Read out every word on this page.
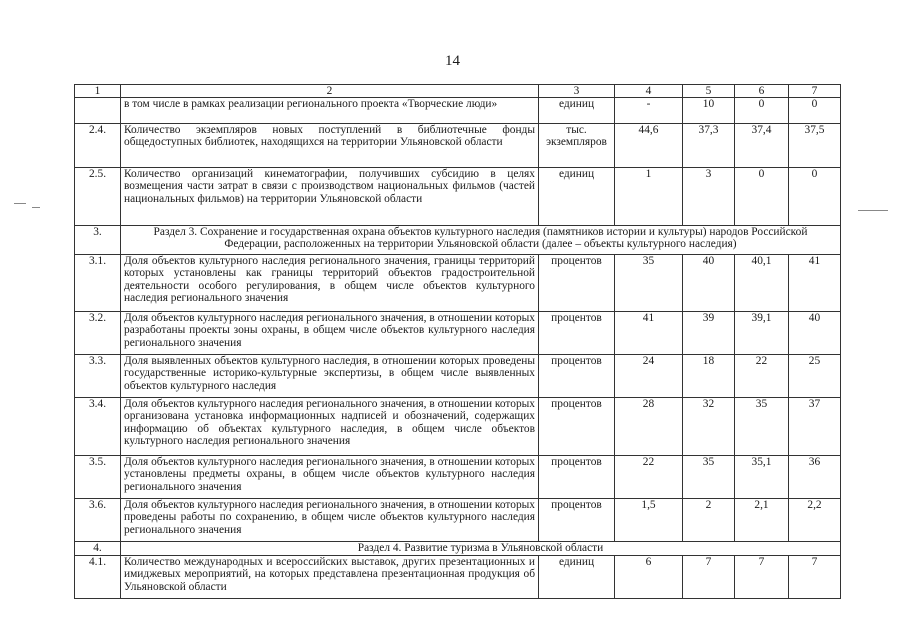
14
1	2	3	4	5	6	7
	в том числе в рамках реализации регионального проекта «Творческие люди»	единиц	-	10	0	0
2.4.	Количество экземпляров новых поступлений в библиотечные фонды общедоступных библиотек, находящихся на территории Ульяновской области	тыс. экземпляров	44,6	37,3	37,4	37,5
2.5.	Количество организаций кинематографии, получивших субсидию в целях возмещения части затрат в связи с производством национальных фильмов (частей национальных фильмов) на территории Ульяновской области	единиц	1	3	0	0
3.	Раздел 3. Сохранение и государственная охрана объектов культурного наследия (памятников истории и культуры) народов Российской Федерации, расположенных на территории Ульяновской области (далее – объекты культурного наследия)					
3.1.	Доля объектов культурного наследия регионального значения, границы территорий которых установлены как границы территорий объектов градостроительной деятельности особого регулирования, в общем числе объектов культурного наследия регионального значения	процентов	35	40	40,1	41
3.2.	Доля объектов культурного наследия регионального значения, в отношении которых разработаны проекты зоны охраны, в общем числе объектов культурного наследия регионального значения	процентов	41	39	39,1	40
3.3.	Доля выявленных объектов культурного наследия, в отношении которых проведены государственные историко-культурные экспертизы, в общем числе выявленных объектов культурного наследия	процентов	24	18	22	25
3.4.	Доля объектов культурного наследия регионального значения, в отношении которых организована установка информационных надписей и обозначений, содержащих информацию об объектах культурного наследия, в общем числе объектов культурного наследия регионального значения	процентов	28	32	35	37
3.5.	Доля объектов культурного наследия регионального значения, в отношении которых установлены предметы охраны, в общем числе объектов культурного наследия регионального значения	процентов	22	35	35,1	36
3.6.	Доля объектов культурного наследия регионального значения, в отношении которых проведены работы по сохранению, в общем числе объектов культурного наследия регионального значения	процентов	1,5	2	2,1	2,2
4.	Раздел 4. Развитие туризма в Ульяновской области					
4.1.	Количество международных и всероссийских выставок, других презентационных и имиджевых мероприятий, на которых представлена презентационная продукция об Ульяновской области	единиц	6	7	7	7
